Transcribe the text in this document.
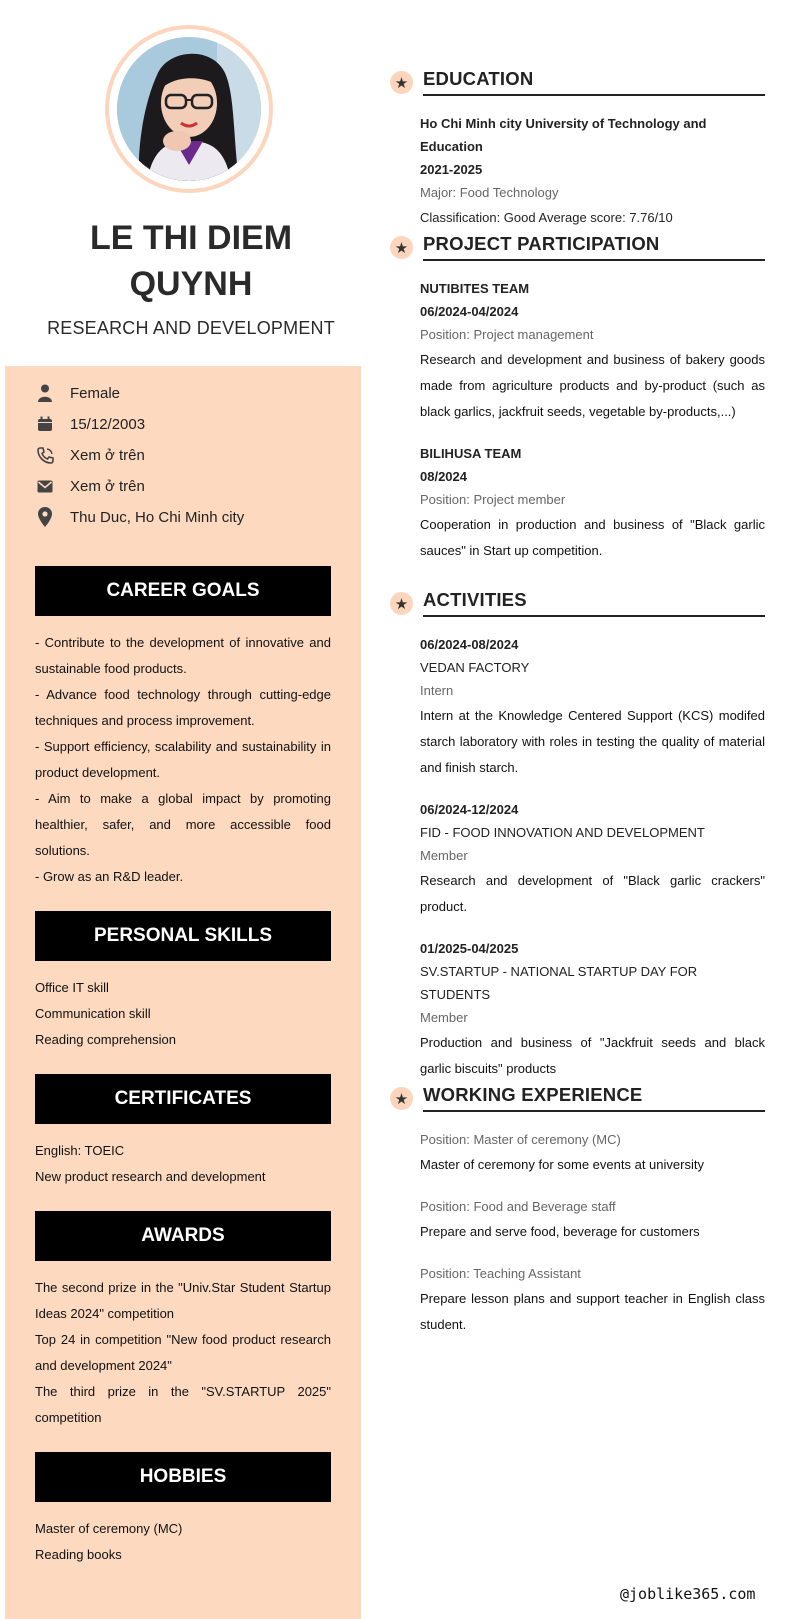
LE THI DIEM
QUYNH
RESEARCH AND DEVELOPMENT
Female
15/12/2003
Xem ở trên
Xem ở trên
Thu Duc, Ho Chi Minh city
CAREER GOALS
- Contribute to the development of innovative and sustainable food products.
- Advance food technology through cutting-edge techniques and process improvement.
- Support efficiency, scalability and sustainability in product development.
- Aim to make a global impact by promoting healthier, safer, and more accessible food solutions.
- Grow as an R&D leader.
PERSONAL SKILLS
Office IT skill
Communication skill
Reading comprehension
CERTIFICATES
English: TOEIC
New product research and development
AWARDS
The second prize in the "Univ.Star Student Startup Ideas 2024" competition
Top 24 in competition "New food product research and development 2024"
The third prize in the "SV.STARTUP 2025" competition
HOBBIES
Master of ceremony (MC)
Reading books
★ EDUCATION
Ho Chi Minh city University of Technology and Education
2021-2025
Major: Food Technology
Classification: Good Average score: 7.76/10
★ PROJECT PARTICIPATION
NUTIBITES TEAM
06/2024-04/2024
Position: Project management
Research and development and business of bakery goods made from agriculture products and by-product (such as black garlics, jackfruit seeds, vegetable by-products,...)
BILIHUSA TEAM
08/2024
Position: Project member
Cooperation in production and business of "Black garlic sauces" in Start up competition.
★ ACTIVITIES
06/2024-08/2024
VEDAN FACTORY
Intern
Intern at the Knowledge Centered Support (KCS) modifed starch laboratory with roles in testing the quality of material and finish starch.
06/2024-12/2024
FID - FOOD INNOVATION AND DEVELOPMENT
Member
Research and development of "Black garlic crackers" product.
01/2025-04/2025
SV.STARTUP - NATIONAL STARTUP DAY FOR STUDENTS
Member
Production and business of "Jackfruit seeds and black garlic biscuits" products
★ WORKING EXPERIENCE
Position: Master of ceremony (MC)
Master of ceremony for some events at university
Position: Food and Beverage staff
Prepare and serve food, beverage for customers
Position: Teaching Assistant
Prepare lesson plans and support teacher in English class student.
@joblike365.com
